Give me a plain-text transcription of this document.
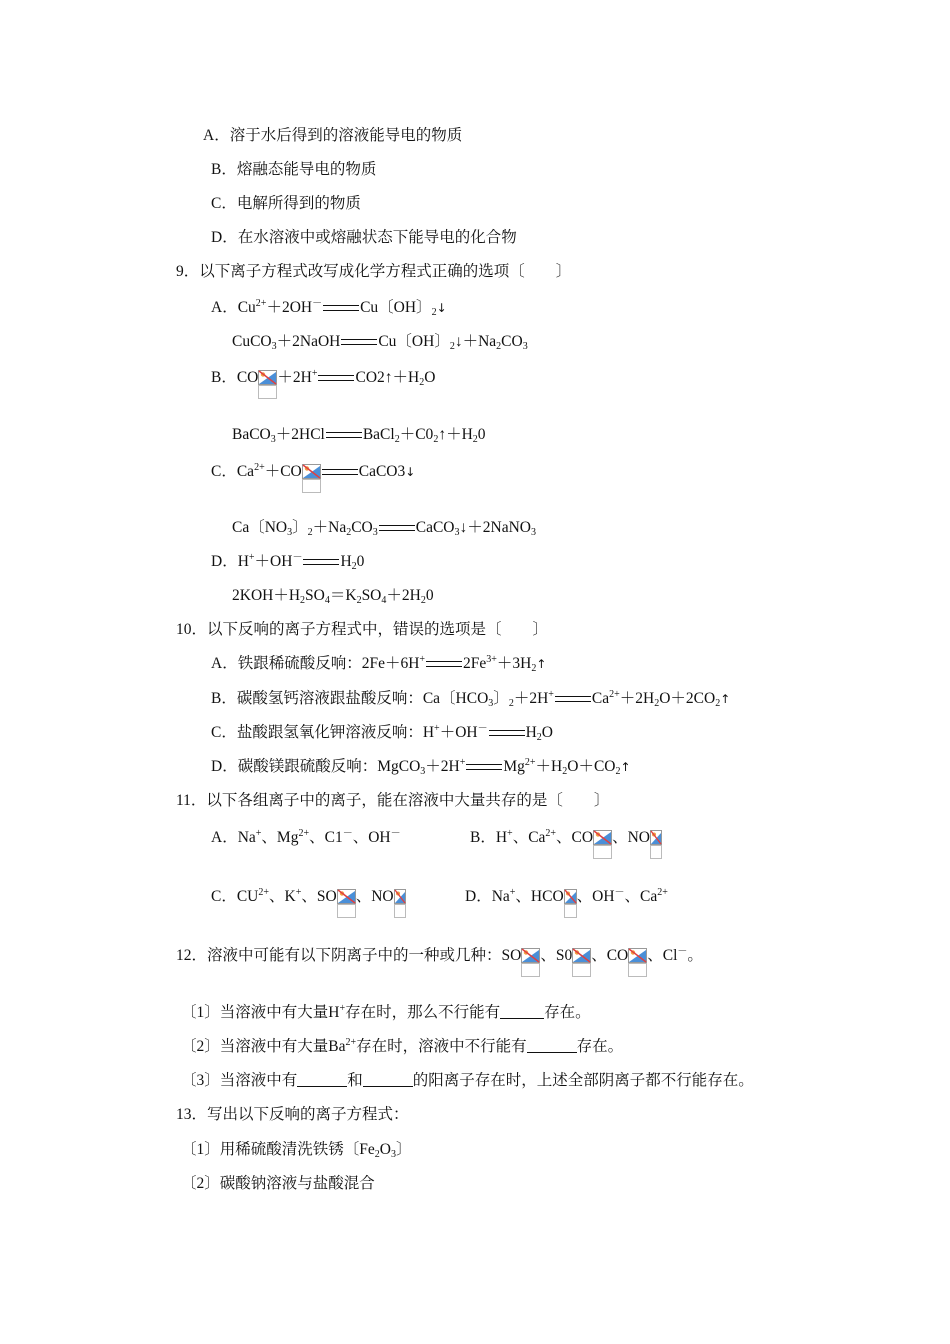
A．溶于水后得到的溶液能导电的物质
B．熔融态能导电的物质
C．电解所得到的物质
D．在水溶液中或熔融状态下能导电的化合物
9．以下离子方程式改写成化学方程式正确的选项〔　　〕
A．$Cu^{2+}+2OH^-$ Cu〔OH〕$_2$↓
CuCO$_3$＋2NaOH Cu〔OH〕$_2↓+Na_2CO_3$
B．CO ＋2H+ $CO2↑+H_2O$
BaCO$_3$＋2HCl $BaCl_2+C0_2↑+H_20$
C．$Ca^{2+}+CO$	CaCO3↓
Ca〔$NO_3$〕$_2+Na_2CO_3$ CaCO$_3$↓＋2NaNO$_3$
D．H+＋OH－ $H_20$
$2KOH+H_2SO_4=K_2SO_4+2H_20$
10．以下反响的离子方程式中，错误的选项是〔　　〕
A．铁跟稀硫酸反响：2Fe＋6H+ $2Fe^{3+}+3H_2↑$
B．碳酸氢钙溶液跟盐酸反响：Ca〔$HCO_3$〕$_2$＋2H+ $Ca^{2+}+2H_2O+2CO_2↑$
C．盐酸跟氢氧化钾溶液反响：H+＋OH－ $H_2O$
D．碳酸镁跟硫酸反响：MgCO$_3$＋2H+ $Mg^{2+}+H_2O+CO_2↑$
11．以下各组离子中的离子，能在溶液中大量共存的是〔　　〕
A．Na+、$Mg^{2+}$、C1－、OH－	B．H+、$Ca^{2+}$、CO 、NO
C．$CU^{2+}$、K+、SO 、NO	D．Na+、HCO 、OH－、$Ca^{2+}$
12．溶液中可能有以下阴离子中的一种或几种：SO 、S0 、CO 、Cl－。
〔1〕当溶液中有大量H+存在时，那么不行能有	存在。
〔2〕当溶液中有大量$Ba^{2+}$存在时，溶液中不行能有	存在。
〔3〕当溶液中有	和	的阳离子存在时，上述全部阴离子都不行能存在。
13．写出以下反响的离子方程式：
〔1〕用稀硫酸清洗铁锈〔$Fe_2O_3$〕
〔2〕碳酸钠溶液与盐酸混合
